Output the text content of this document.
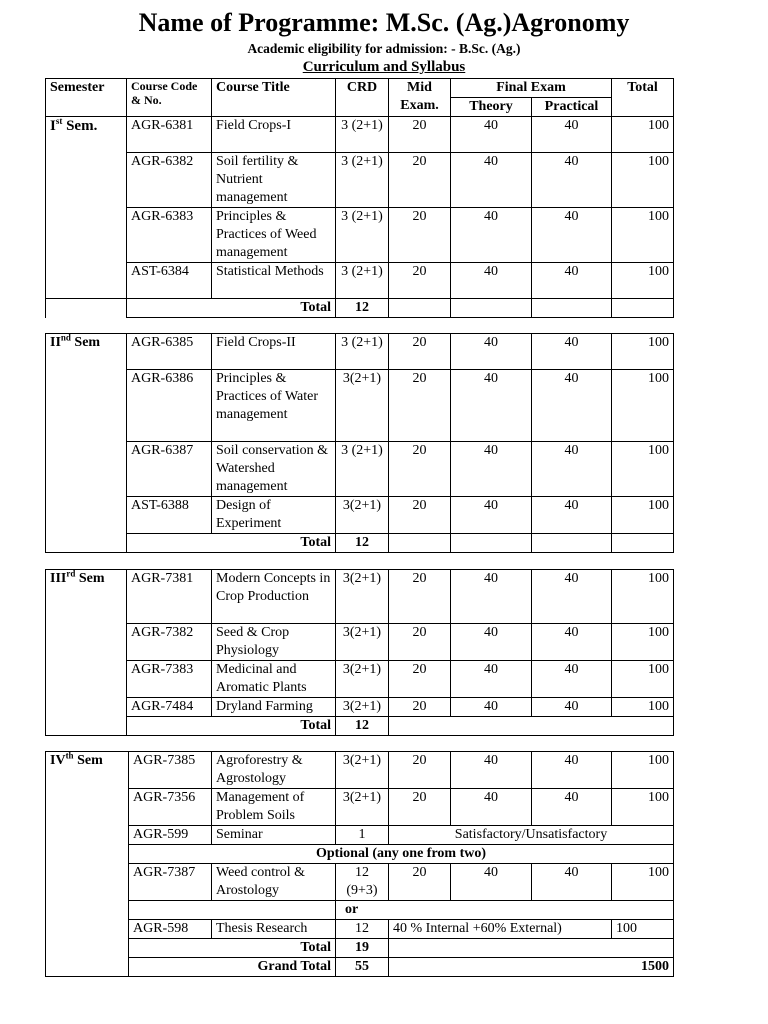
Name of Programme: M.Sc. (Ag.)Agronomy
Academic eligibility for admission: - B.Sc. (Ag.)
Curriculum and Syllabus
Semester	Course Code & No.	Course Title	CRD	Mid Exam.	Final Exam		Total
					Theory	Practical	
Ist Sem.	AGR-6381	Field Crops-I	3 (2+1)	20	40	40	100
	AGR-6382	Soil fertility & Nutrient management	3 (2+1)	20	40	40	100
	AGR-6383	Principles & Practices of Weed management	3 (2+1)	20	40	40	100
	AST-6384	Statistical Methods	3 (2+1)	20	40	40	100
	Total		12				
IInd Sem	AGR-6385	Field Crops-II	3 (2+1)	20	40	40	100
	AGR-6386	Principles & Practices of Water management	3(2+1)	20	40	40	100
	AGR-6387	Soil conservation & Watershed management	3 (2+1)	20	40	40	100
	AST-6388	Design of Experiment	3(2+1)	20	40	40	100
	Total		12				
IIIrd Sem	AGR-7381	Modern Concepts in Crop Production	3(2+1)	20	40	40	100
	AGR-7382	Seed & Crop Physiology	3(2+1)	20	40	40	100
	AGR-7383	Medicinal and Aromatic Plants	3(2+1)	20	40	40	100
	AGR-7484	Dryland Farming	3(2+1)	20	40	40	100
	Total		12				
IVth Sem	AGR-7385	Agroforestry & Agrostology	3(2+1)	20	40	40	100
	AGR-7356	Management of Problem Soils	3(2+1)	20	40	40	100
	AGR-599	Seminar	1	Satisfactory/Unsatisfactory			
	Optional (any one from two)						
	AGR-7387	Weed control & Arostology	12 (9+3)	20	40	40	100
			or				
	AGR-598	Thesis Research	12	40 % Internal +60% External)			100
	Total		19				
	Grand Total		55	1500			
